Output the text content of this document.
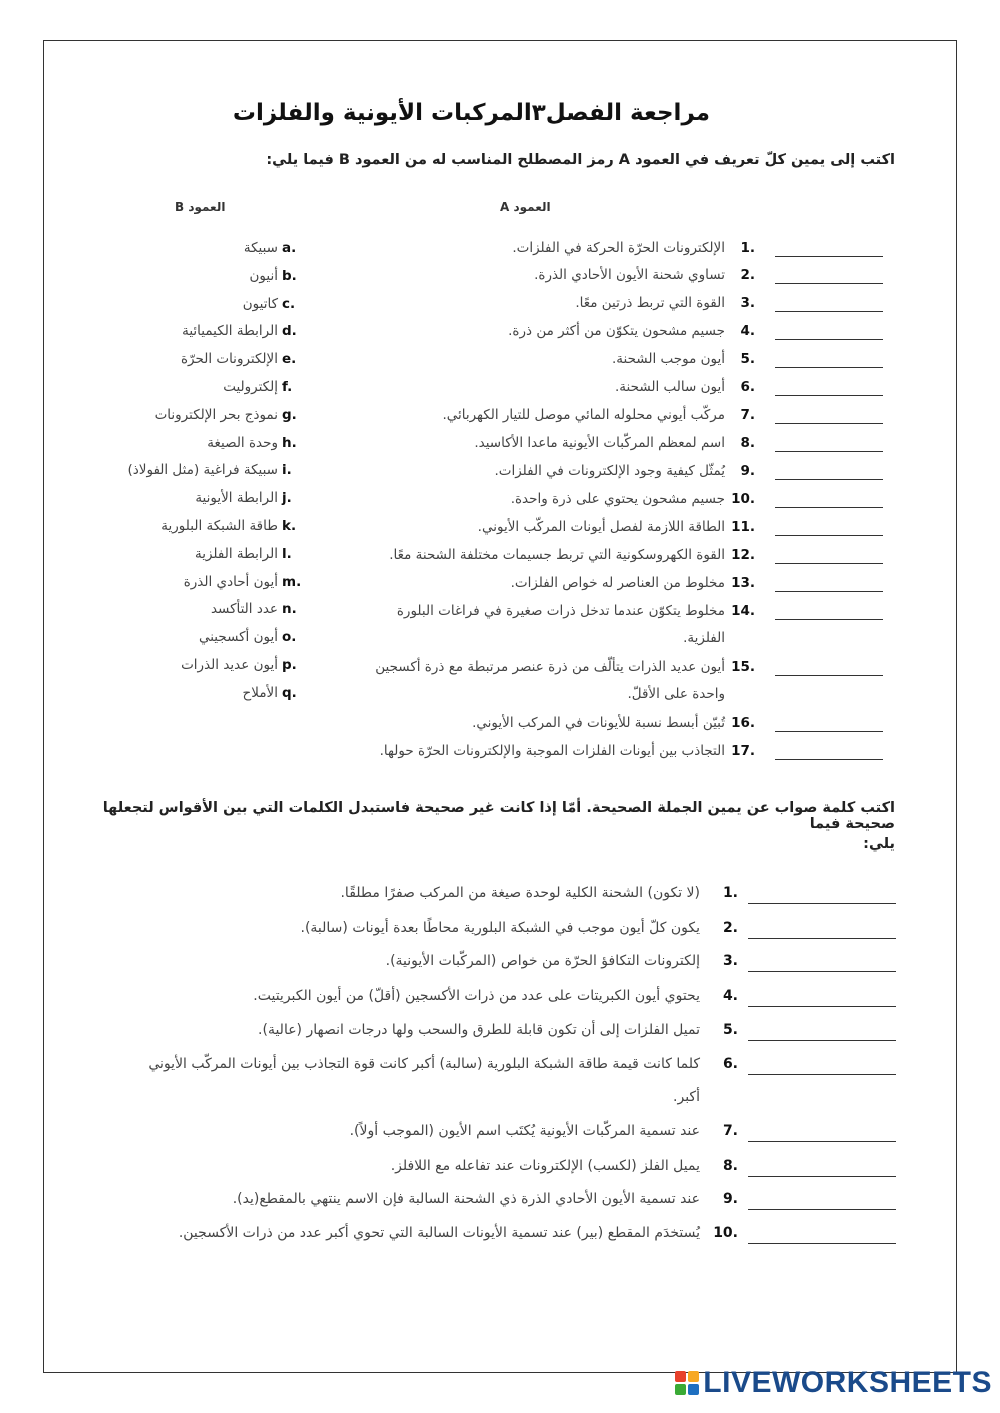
مراجعة الفصل٣المركبات الأيونية والفلزات
اكتب إلى يمين كلّ تعريف في العمود A رمز المصطلح المناسب له من العمود B فيما يلي:
العمود A
العمود B
1.
الإلكترونات الحرّة الحركة في الفلزات.
2.
تساوي شحنة الأيون الأحادي الذرة.
3.
القوة التي تربط ذرتين معًا.
4.
جسيم مشحون يتكوّن من أكثر من ذرة.
5.
أيون موجب الشحنة.
6.
أيون سالب الشحنة.
7.
مركّب أيوني محلوله المائي موصل للتيار الكهربائي.
8.
اسم لمعظم المركّبات الأيونية ماعدا الأكاسيد.
9.
يُمثّل كيفية وجود الإلكترونات في الفلزات.
10.
جسيم مشحون يحتوي على ذرة واحدة.
11.
الطاقة اللازمة لفصل أيونات المركّب الأيوني.
12.
القوة الكهروسكونية التي تربط جسيمات مختلفة الشحنة معًا.
13.
مخلوط من العناصر له خواص الفلزات.
14.
مخلوط يتكوّن عندما تدخل ذرات صغيرة في فراغات البلورة
الفلزية.
15.
أيون عديد الذرات يتألّف من ذرة عنصر مرتبطة مع ذرة أكسجين
واحدة على الأقلّ.
16.
تُبيّن أبسط نسبة للأيونات في المركب الأيوني.
17.
التجاذب بين أيونات الفلزات الموجبة والإلكترونات الحرّة حولها.
a.
سبيكة
b.
أنيون
c.
كاتيون
d.
الرابطة الكيميائية
e.
الإلكترونات الحرّة
f.
إلكتروليت
g.
نموذج بحر الإلكترونات
h.
وحدة الصيغة
i.
سبيكة فراغية (مثل الفولاذ)
j.
الرابطة الأيونية
k.
طاقة الشبكة البلورية
l.
الرابطة الفلزية
m.
أيون أحادي الذرة
n.
عدد التأكسد
o.
أيون أكسجيني
p.
أيون عديد الذرات
q.
الأملاح
اكتب كلمة صواب عن يمين الجملة الصحيحة. أمّا إذا كانت غير صحيحة فاستبدل الكلمات التي بين الأقواس لتجعلها صحيحة فيما
يلي:
1.
(لا تكون) الشحنة الكلية لوحدة صيغة من المركب صفرًا مطلقًا.
2.
يكون كلّ أيون موجب في الشبكة البلورية محاطًا بعدة أيونات (سالبة).
3.
إلكترونات التكافؤ الحرّة من خواص (المركّبات الأيونية).
4.
يحتوي أيون الكبريتات على عدد من ذرات الأكسجين (أقلّ) من أيون الكبريتيت.
5.
تميل الفلزات إلى أن تكون قابلة للطرق والسحب ولها درجات انصهار (عالية).
6.
كلما كانت قيمة طاقة الشبكة البلورية (سالبة) أكبر كانت قوة التجاذب بين أيونات المركّب الأيوني
أكبر.
7.
عند تسمية المركّبات الأيونية يُكتَب اسم الأيون (الموجب أولاً).
8.
يميل الفلز (لكسب) الإلكترونات عند تفاعله مع اللافلز.
9.
عند تسمية الأيون الأحادي الذرة ذي الشحنة السالبة فإن الاسم ينتهي بالمقطع(يد).
10.
يُستخدَم المقطع (بير) عند تسمية الأيونات السالبة التي تحوي أكبر عدد من ذرات الأكسجين.
LIVEWORKSHEETS
